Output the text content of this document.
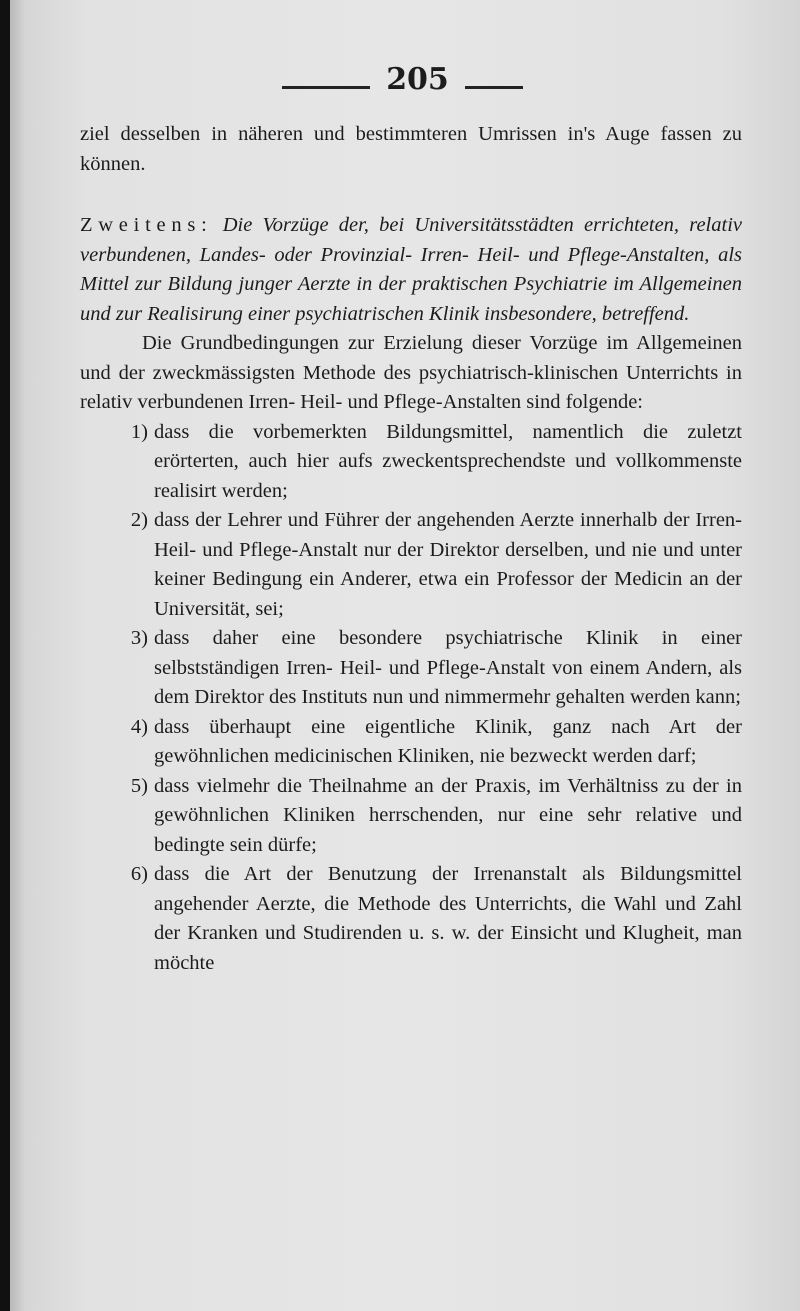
205

ziel desselben in näheren und bestimmteren Umrissen in's Auge fassen zu können.

Zweitens: Die Vorzüge der, bei Universitätsstädten errichteten, relativ verbundenen, Landes- oder Provinzial- Irren- Heil- und Pflege-Anstalten, als Mittel zur Bildung junger Aerzte in der praktischen Psychiatrie im Allgemeinen und zur Realisirung einer psychiatrischen Klinik insbesondere, betreffend.

Die Grundbedingungen zur Erzielung dieser Vorzüge im Allgemeinen und der zweckmässigsten Methode des psychiatrisch-klinischen Unterrichts in relativ verbundenen Irren- Heil- und Pflege-Anstalten sind folgende:

1) dass die vorbemerkten Bildungsmittel, namentlich die zuletzt erörterten, auch hier aufs zweckentsprechendste und vollkommenste realisirt werden;
2) dass der Lehrer und Führer der angehenden Aerzte innerhalb der Irren- Heil- und Pflege-Anstalt nur der Direktor derselben, und nie und unter keiner Bedingung ein Anderer, etwa ein Professor der Medicin an der Universität, sei;
3) dass daher eine besondere psychiatrische Klinik in einer selbstständigen Irren- Heil- und Pflege-Anstalt von einem Andern, als dem Direktor des Instituts nun und nimmermehr gehalten werden kann;
4) dass überhaupt eine eigentliche Klinik, ganz nach Art der gewöhnlichen medicinischen Kliniken, nie bezweckt werden darf;
5) dass vielmehr die Theilnahme an der Praxis, im Verhältniss zu der in gewöhnlichen Kliniken herrschenden, nur eine sehr relative und bedingte sein dürfe;
6) dass die Art der Benutzung der Irrenanstalt als Bildungsmittel angehender Aerzte, die Methode des Unterrichts, die Wahl und Zahl der Kranken und Studirenden u. s. w. der Einsicht und Klugheit, man möchte
